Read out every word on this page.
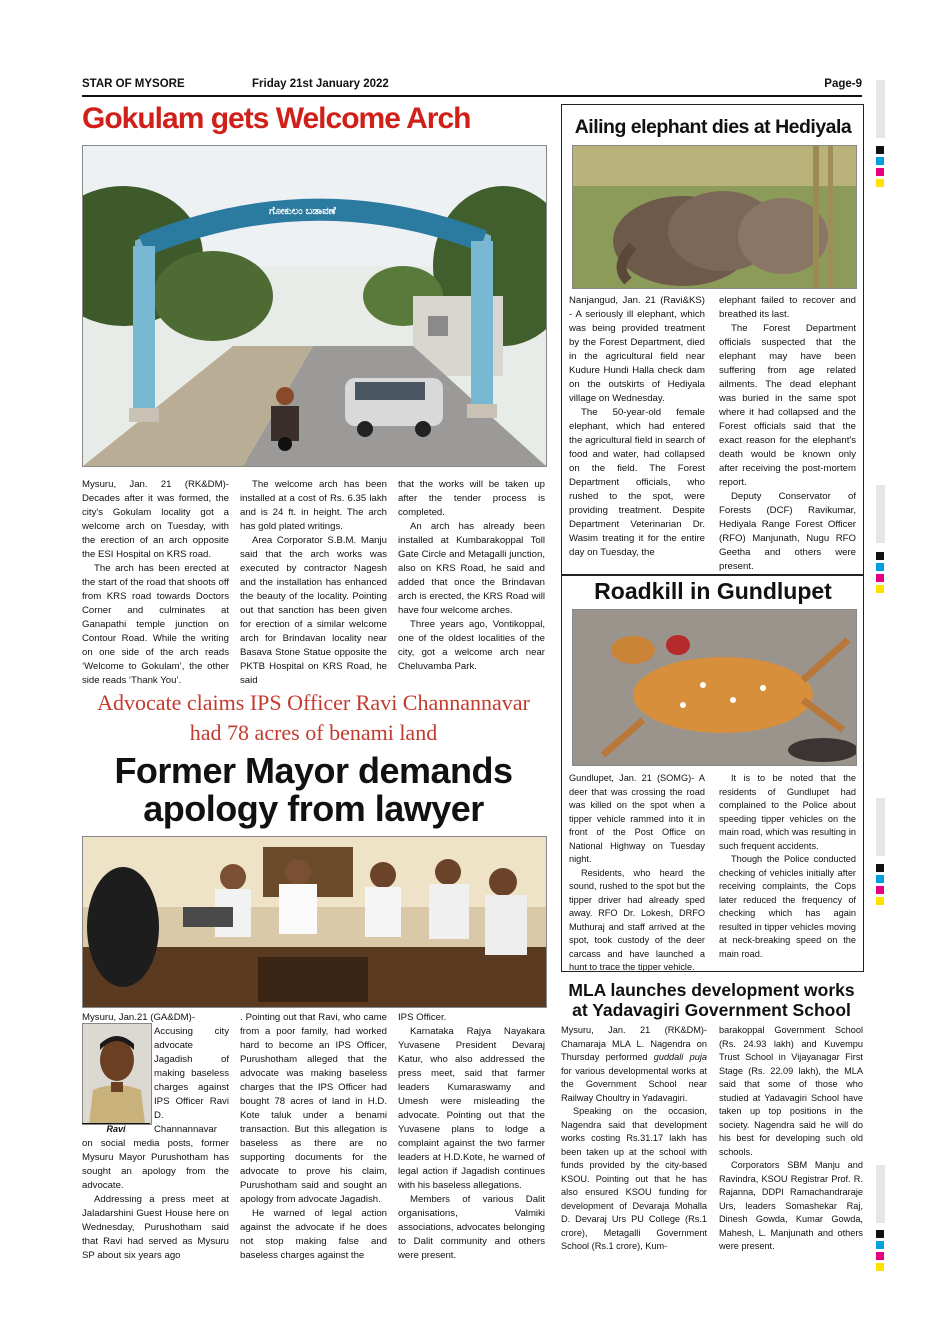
STAR OF MYSORE	Friday 21st January 2022	Page-9
Gokulam gets Welcome Arch
ಗೋಕುಲಂ ಬಡಾವಣೆ

Mysuru, Jan. 21 (RK&DM)- Decades after it was formed, the city's Gokulam locality got a welcome arch on Tuesday, with the erection of an arch opposite the ESI Hospital on KRS road.

The arch has been erected at the start of the road that shoots off from KRS road towards Doctors Corner and culminates at Ganapathi temple junction on Contour Road. While the writing on one side of the arch reads ‘Welcome to Gokulam’, the other side reads ‘Thank You’.

The welcome arch has been installed at a cost of Rs. 6.35 lakh and is 24 ft. in height. The arch has gold plated writings.

Area Corporator S.B.M. Manju said that the arch works was executed by contractor Nagesh and the installation has enhanced the beauty of the locality. Pointing out that sanction has been given for erection of a similar welcome arch for Brindavan locality near Basava Stone Statue opposite the PKTB Hospital on KRS Road, he said

that the works will be taken up after the tender process is completed.

An arch has already been installed at Kumbarakoppal Toll Gate Circle and Metagalli junction, also on KRS Road, he said and added that once the Brindavan arch is erected, the KRS Road will have four welcome arches.

Three years ago, Vontikoppal, one of the oldest localities of the city, got a welcome arch near Cheluvamba Park.

Advocate claims IPS Officer Ravi Channannavar
had 78 acres of benami land
Former Mayor demands
apology from lawyer
Ravi
Mysuru, Jan.21 (GA&DM)-
Accusing city advocate Jagadish of making baseless charges against IPS Officer Ravi D. Channannavar

on social media posts, former Mysuru Mayor Purushotham has sought an apology from the advocate.

Addressing a press meet at Jaladarshini Guest House here on Wednesday, Purushotham said that Ravi had served as Mysuru SP about six years ago

. Pointing out that Ravi, who came from a poor family, had worked hard to become an IPS Officer, Purushotham alleged that the advocate was making baseless charges that the IPS Officer had bought 78 acres of land in H.D. Kote taluk under a benami transaction. But this allegation is baseless as there are no supporting documents for the advocate to prove his claim, Purushotham said and sought an apology from advocate Jagadish.

He warned of legal action against the advocate if he does not stop making false and baseless charges against the

IPS Officer.

Karnataka Rajya Nayakara Yuvasene President Devaraj Katur, who also addressed the press meet, said that farmer leaders Kumaraswamy and Umesh were misleading the advocate. Pointing out that the Yuvasene plans to lodge a complaint against the two farmer leaders at H.D.Kote, he warned of legal action if Jagadish continues with his baseless allegations.

Members of various Dalit organisations, Valmiki associations, advocates belonging to Dalit community and others were present.

Ailing elephant dies at Hediyala

Nanjangud, Jan. 21 (Ravi&KS) - A seriously ill elephant, which was being provided treatment by the Forest Department, died in the agricultural field near Kudure Hundi Halla check dam on the outskirts of Hediyala village on Wednesday.

The 50-year-old female elephant, which had entered the agricultural field in search of food and water, had collapsed on the field. The Forest Department officials, who rushed to the spot, were providing treatment. Despite Department Veterinarian Dr. Wasim treating it for the entire day on Tuesday, the

elephant failed to recover and breathed its last.

The Forest Department officials suspected that the elephant may have been suffering from age related ailments. The dead elephant was buried in the same spot where it had collapsed and the Forest officials said that the exact reason for the elephant's death would be known only after receiving the post-mortem report.

Deputy Conservator of Forests (DCF) Ravikumar, Hediyala Range Forest Officer (RFO) Manjunath, Nugu RFO Geetha and others were present.

Roadkill in Gundlupet

Gundlupet, Jan. 21 (SOMG)- A deer that was crossing the road was killed on the spot when a tipper vehicle rammed into it in front of the Post Office on National Highway on Tuesday night.

Residents, who heard the sound, rushed to the spot but the tipper driver had already sped away. RFO Dr. Lokesh, DRFO Muthuraj and staff arrived at the spot, took custody of the deer carcass and have launched a hunt to trace the tipper vehicle.

It is to be noted that the residents of Gundlupet had complained to the Police about speeding tipper vehicles on the main road, which was resulting in such frequent accidents.

Though the Police conducted checking of vehicles initially after receiving complaints, the Cops later reduced the frequency of checking which has again resulted in tipper vehicles moving at neck-breaking speed on the main road.

MLA launches development works
at Yadavagiri Government School

Mysuru, Jan. 21 (RK&DM)- Chamaraja MLA L. Nagendra on Thursday performed guddali puja for various developmental works at the Government School near Railway Choultry in Yadavagiri.

Speaking on the occasion, Nagendra said that development works costing Rs.31.17 lakh has been taken up at the school with funds provided by the city-based KSOU. Pointing out that he has also ensured KSOU funding for development of Devaraja Mohalla D. Devaraj Urs PU College (Rs.1 crore), Metagalli Government School (Rs.1 crore), Kum-

barakoppal Government School (Rs. 24.93 lakh) and Kuvempu Trust School in Vijayanagar First Stage (Rs. 22.09 lakh), the MLA said that some of those who studied at Yadavagiri School have taken up top positions in the society. Nagendra said he will do his best for developing such old schools.

Corporators SBM Manju and Ravindra, KSOU Registrar Prof. R. Rajanna, DDPI Ramachandraraje Urs, leaders Somashekar Raj, Dinesh Gowda, Kumar Gowda, Mahesh, L. Manjunath and others were present.
